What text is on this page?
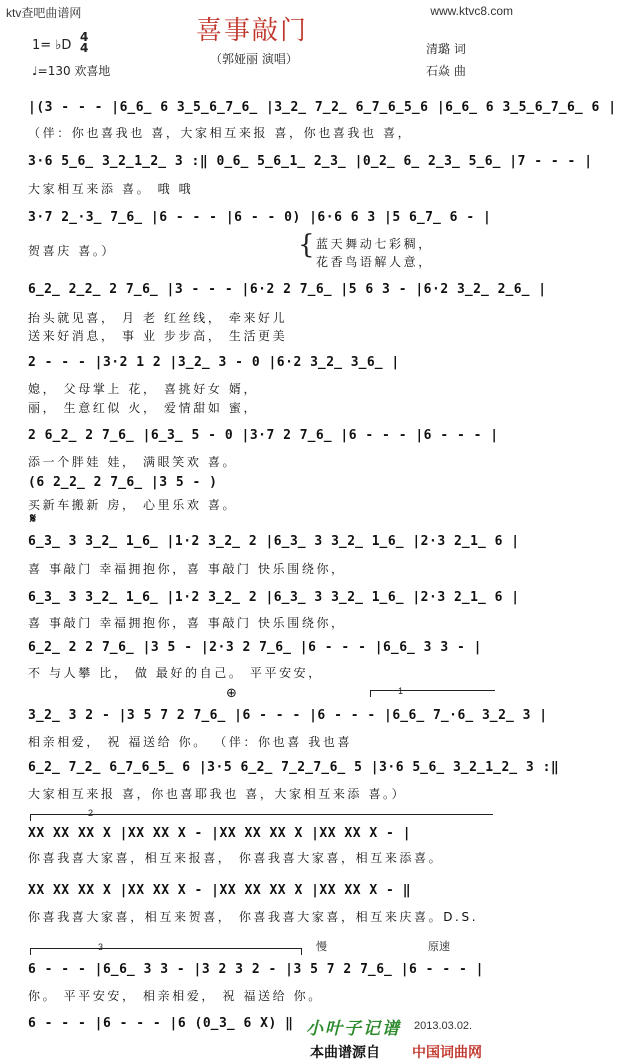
ktv查吧曲谱网	www.ktvc8.com
喜事敲门
（郭娅丽 演唱）
1= ♭D
4
4
♩=130 欢喜地
清璐 词
石焱 曲
|(3 - - - |6̲6̲ 6 3̲5̲6̲7̲6̲ |3̲2̲ 7̲2̲ 6̲7̲6̲5̲6 |6̲6̲ 6 3̲5̲6̲7̲6̲ 6 |
（伴：你也喜我也 喜，大家相互来报 喜，你也喜我也 喜，
3·6 5̲6̲ 3̲2̲1̲2̲ 3 :‖ 0̲6̲ 5̲6̲1̲ 2̲3̲ |0̲2̲ 6̲ 2̲3̲ 5̲6̲ |7 - - - |
大家相互来添 喜。 哦 哦
3·7 2̲·3̲ 7̲6̲ |6 - - - |6 - - 0) |6·6 6 3 |5 6̲7̲ 6 - |
贺喜庆 喜。）	{ 蓝天舞动七彩稠，
花香鸟语解人意，
6̲2̲ 2̲2̲ 2 7̲6̲ |3 - - - |6·2 2 7̲6̲ |5 6 3 - |6·2 3̲2̲ 2̲6̲ |
抬头就见喜， 月 老 红丝线， 牵来好儿
送来好消息， 事 业 步步高， 生活更美
2 - - - |3·2 1 2 |3̲2̲ 3 - 0 |6·2 3̲2̲ 3̲6̲ |
媳， 父母掌上 花， 喜挑好女 婿，
丽， 生意红似 火， 爱情甜如 蜜，
2 6̲2̲ 2 7̲6̲ |6̲3̲ 5 - 0 |3·7 2 7̲6̲ |6 - - - |6 - - - |
添一个胖娃 娃， 满眼笑欢 喜。
(6 2̲2̲ 2 7̲6̲ |3 5 - )
买新车搬新 房， 心里乐欢 喜。
𝄋
6̲3̲ 3 3̲2̲ 1̲6̲ |1·2 3̲2̲ 2 |6̲3̲ 3 3̲2̲ 1̲6̲ |2·3 2̲1̲ 6 |
喜 事敲门 幸福拥抱你，喜 事敲门 快乐围绕你，
6̲3̲ 3 3̲2̲ 1̲6̲ |1·2 3̲2̲ 2 |6̲3̲ 3 3̲2̲ 1̲6̲ |2·3 2̲1̲ 6 |
喜 事敲门 幸福拥抱你，喜 事敲门 快乐围绕你，
6̲2̲ 2 2 7̲6̲ |3 5 - |2·3 2 7̲6̲ |6 - - - |6̲6̲ 3 3 - |
不 与人攀 比， 做 最好的自己。 平平安安，
⊕	1
3̲2̲ 3 2 - |3 5 7 2 7̲6̲ |6 - - - |6 - - - |6̲6̲ 7̲·6̲ 3̲2̲ 3 |
相亲相爱， 祝 福送给 你。 （伴：你也喜 我也喜
6̲2̲ 7̲2̲ 6̲7̲6̲5̲ 6 |3·5 6̲2̲ 7̲2̲7̲6̲ 5 |3·6 5̲6̲ 3̲2̲1̲2̲ 3 :‖
大家相互来报 喜，你也喜耶我也 喜，大家相互来添 喜。）
2
XX XX XX X |XX XX X - |XX XX XX X |XX XX X - |
你喜我喜大家喜，相互来报喜， 你喜我喜大家喜，相互来添喜。
XX XX XX X |XX XX X - |XX XX XX X |XX XX X - ‖
你喜我喜大家喜，相互来贺喜， 你喜我喜大家喜，相互来庆喜。D.S.
3	慢	原速
6 - - - |6̲6̲ 3 3 - |3 2 3 2 - |3 5 7 2 7̲6̲ |6 - - - |
你。 平平安安， 相亲相爱， 祝 福送给 你。
6 - - - |6 - - - |6 (0̲3̲ 6 X) ‖ 小叶子记谱 2013.03.02.
本曲谱源自 中国词曲网
